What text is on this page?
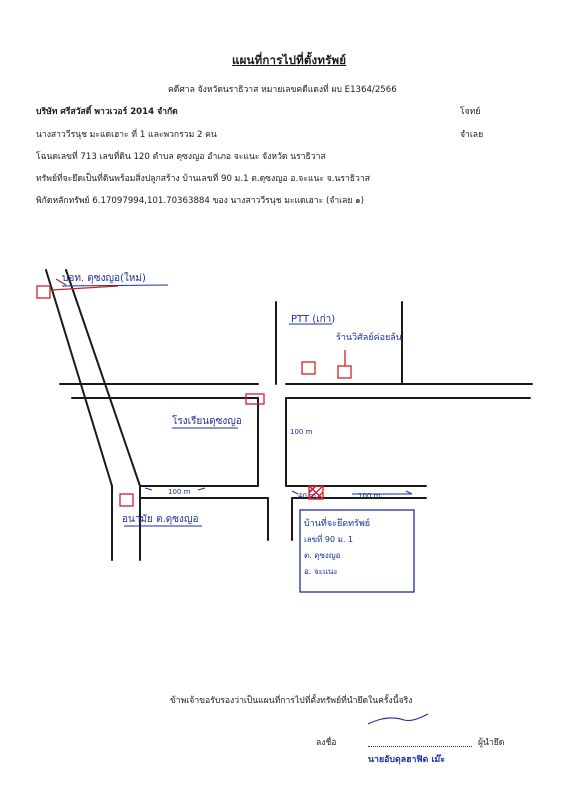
แผนที่การไปที่ตั้งทรัพย์
คดีศาล จังหวัดนราธิวาส หมายเลขคดีแดงที่ ผบ E1364/2566
บริษัท ศรีสวัสดิ์ พาวเวอร์ 2014 จำกัด	โจทย์
นางสาววีรนุช มะแดเฮาะ ที่ 1 และพวกรวม 2 คน	จำเลย
โฉนดเลขที่ 713 เลขที่ดิน 120 ตำบล ดุซงญอ อำเภอ จะแนะ จังหวัด นราธิวาส
ทรัพย์ที่จะยึดเป็นที่ดินพร้อมสิ่งปลูกสร้าง บ้านเลขที่ 90 ม.1 ต.ดุซงญอ อ.จะแนะ จ.นราธิวาส
พิกัดหลักทรัพย์ 6.17097994,101.70363884 ของ นางสาววีรนุช มะแดเฮาะ (จำเลย ๑)
ปอท. ดุซงญอ(ใหม่)
PTT (เก่า)
ร้านวิศัลย์ค่อยล้น
โรงเรียนดุซงญอ
100 m
100 m	40 m	100 m
อนามัย ต.ดุซงญอ	บ้านที่จะยึดทรัพย์
เลขที่ 90 ม. 1
ต. ดุซงญอ
อ. จะแนะ
ข้าพเจ้าขอรับรองว่าเป็นแผนที่การไปที่ตั้งทรัพย์ที่นำยึดในครั้งนี้จริง
ลงชื่อ	ผู้นำยึด
นายอับดุลฮาฟิด เม๊ะ
